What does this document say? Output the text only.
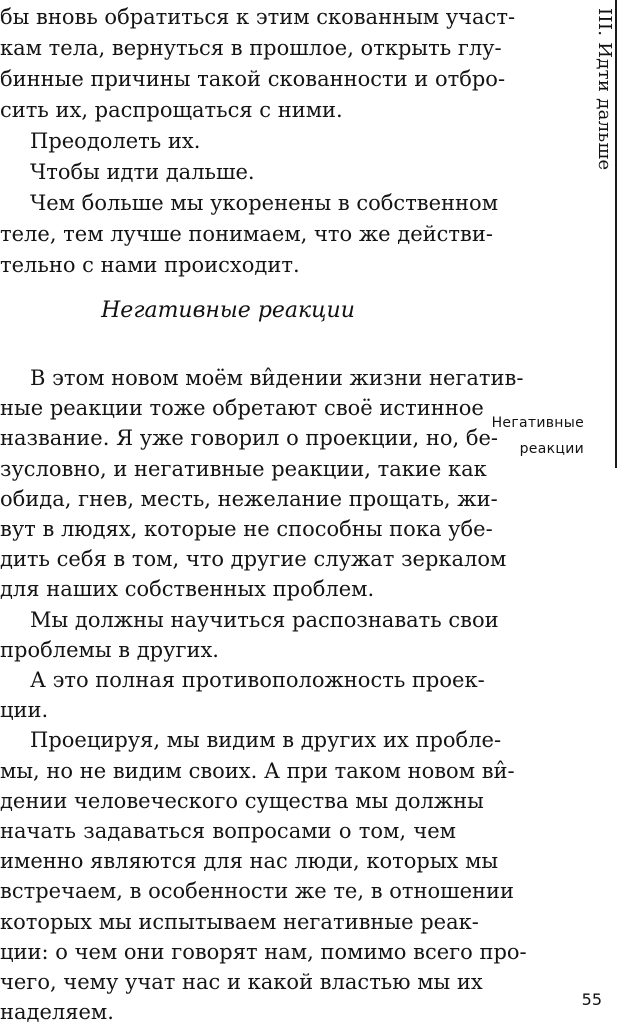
бы вновь обратиться к этим скованным участ-
кам тела, вернуться в прошлое, открыть глу-
бинные причины такой скованности и отбро-
сить их, распрощаться с ними.
Преодолеть их.
Чтобы идти дальше.
Чем больше мы укоренены в собственном
теле, тем лучше понимаем, что же действи-
тельно с нами происходит.
В этом новом моём ви̂дении жизни негатив-
ные реакции тоже обретают своё истинное
название. Я уже говорил о проекции, но, бе-
зусловно, и негативные реакции, такие как
обида, гнев, месть, нежелание прощать, жи-
вут в людях, которые не способны пока убе-
дить себя в том, что другие служат зеркалом
для наших собственных проблем.
Мы должны научиться распознавать свои
проблемы в других.
А это полная противоположность проек-
ции.
Проецируя, мы видим в других их пробле-
мы, но не видим своих. А при таком новом ви̂-
дении человеческого существа мы должны
начать задаваться вопросами о том, чем
именно являются для нас люди, которых мы
встречаем, в особенности же те, в отношении
которых мы испытываем негативные реак-
ции: о чем они говорят нам, помимо всего про-
чего, чему учат нас и какой властью мы их
наделяем.
Негативные реакции
III. Идти дальше
Негативные
реакции
55
